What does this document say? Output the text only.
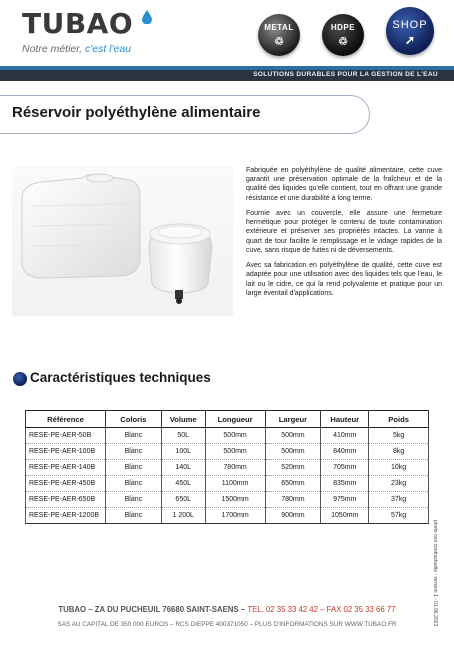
TUBAO
Notre métier, c'est l'eau
METAL
♲
HDPE
♲
SHOP
➚
SOLUTIONS DURABLES POUR LA GESTION DE L'EAU
Réservoir polyéthylène alimentaire

Fabriquée en polyéthylène de qualité alimentaire, cette cuve garantit une préservation optimale de la fraîcheur et de la qualité des liquides qu'elle contient, tout en offrant une grande résistance et une durabilité à long terme.

Fournie avec un couvercle, elle assure une fermeture hermétique pour protéger le contenu de toute contamination extérieure et préserver ses propriétés intactes. La vanne à quart de tour facilite le remplissage et le vidage rapides de la cuve, sans risque de fuites ni de déversements.

Avec sa fabrication en polyéthylène de qualité, cette cuve est adaptée pour une utilisation avec des liquides tels que l'eau, le lait ou le cidre, ce qui la rend polyvalente et pratique pour un large éventail d'applications.

Caractéristiques techniques
Référence	Coloris	Volume	Longueur	Largeur	Hauteur	Poids
RESE-PE-AER-50B	Blanc	50L	500mm	500mm	410mm	5kg
RESE-PE-AER-100B	Blanc	100L	500mm	500mm	840mm	8kg
RESE-PE-AER-140B	Blanc	140L	780mm	520mm	705mm	10kg
RESE-PE-AER-450B	Blanc	450L	1100mm	650mm	835mm	23kg
RESE-PE-AER-650B	Blanc	650L	1500mm	780mm	975mm	37kg
RESE-PE-AER-1200B	Blanc	1 200L	1700mm	900mm	1050mm	57kg
photo non contractuelle - version 1 - 01.06.2023
TUBAO – ZA DU PUCHEUIL 76680 SAINT-SAENS – TEL. 02 35 33 42 42 – FAX 02 35 33 66 77
SAS AU CAPITAL DE 350 000 EUROS – RCS DIEPPE 400371050 – PLUS D'INFORMATIONS SUR WWW.TUBAO.FR
